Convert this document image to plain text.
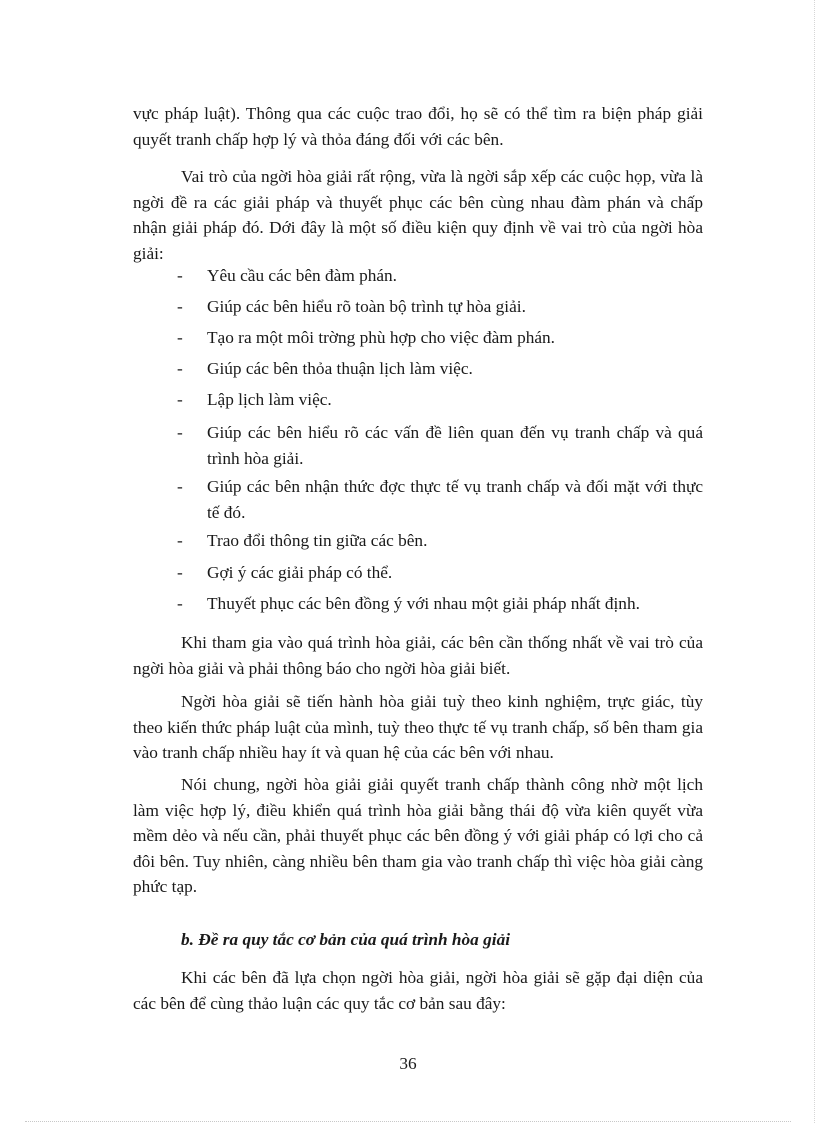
vực pháp luật). Thông qua các cuộc trao đổi, họ sẽ có thể tìm ra biện pháp giải quyết tranh chấp hợp lý và thỏa đáng đối với các bên.

Vai trò của ngời hòa giải rất rộng, vừa là ngời sắp xếp các cuộc họp, vừa là ngời đề ra các giải pháp và thuyết phục các bên cùng nhau đàm phán và chấp nhận giải pháp đó. Dới đây là một số điều kiện quy định về vai trò của ngời hòa giải:

-	Yêu cầu các bên đàm phán.
-	Giúp các bên hiểu rõ toàn bộ trình tự hòa giải.
-	Tạo ra một môi trờng phù hợp cho việc đàm phán.
-	Giúp các bên thỏa thuận lịch làm việc.
-	Lập lịch làm việc.
-	Giúp các bên hiểu rõ các vấn đề liên quan đến vụ tranh chấp và quá trình hòa giải.
-	Giúp các bên nhận thức đợc thực tế vụ tranh chấp và đối mặt với thực tế đó.
-	Trao đổi thông tin giữa các bên.
-	Gợi ý các giải pháp có thể.
-	Thuyết phục các bên đồng ý với nhau một giải pháp nhất định.

Khi tham gia vào quá trình hòa giải, các bên cần thống nhất về vai trò của ngời hòa giải và phải thông báo cho ngời hòa giải biết.

Ngời hòa giải sẽ tiến hành hòa giải tuỳ theo kinh nghiệm, trực giác, tùy theo kiến thức pháp luật của mình, tuỳ theo thực tế vụ tranh chấp, số bên tham gia vào tranh chấp nhiều hay ít và quan hệ của các bên với nhau.

Nói chung, ngời hòa giải giải quyết tranh chấp thành công nhờ một lịch làm việc hợp lý, điều khiển quá trình hòa giải bằng thái độ vừa kiên quyết vừa mềm dẻo và nếu cần, phải thuyết phục các bên đồng ý với giải pháp có lợi cho cả đôi bên. Tuy nhiên, càng nhiều bên tham gia vào tranh chấp thì việc hòa giải càng phức tạp.

b. Đề ra quy tắc cơ bản của quá trình hòa giải

Khi các bên đã lựa chọn ngời hòa giải, ngời hòa giải sẽ gặp đại diện của các bên để cùng thảo luận các quy tắc cơ bản sau đây:

36
